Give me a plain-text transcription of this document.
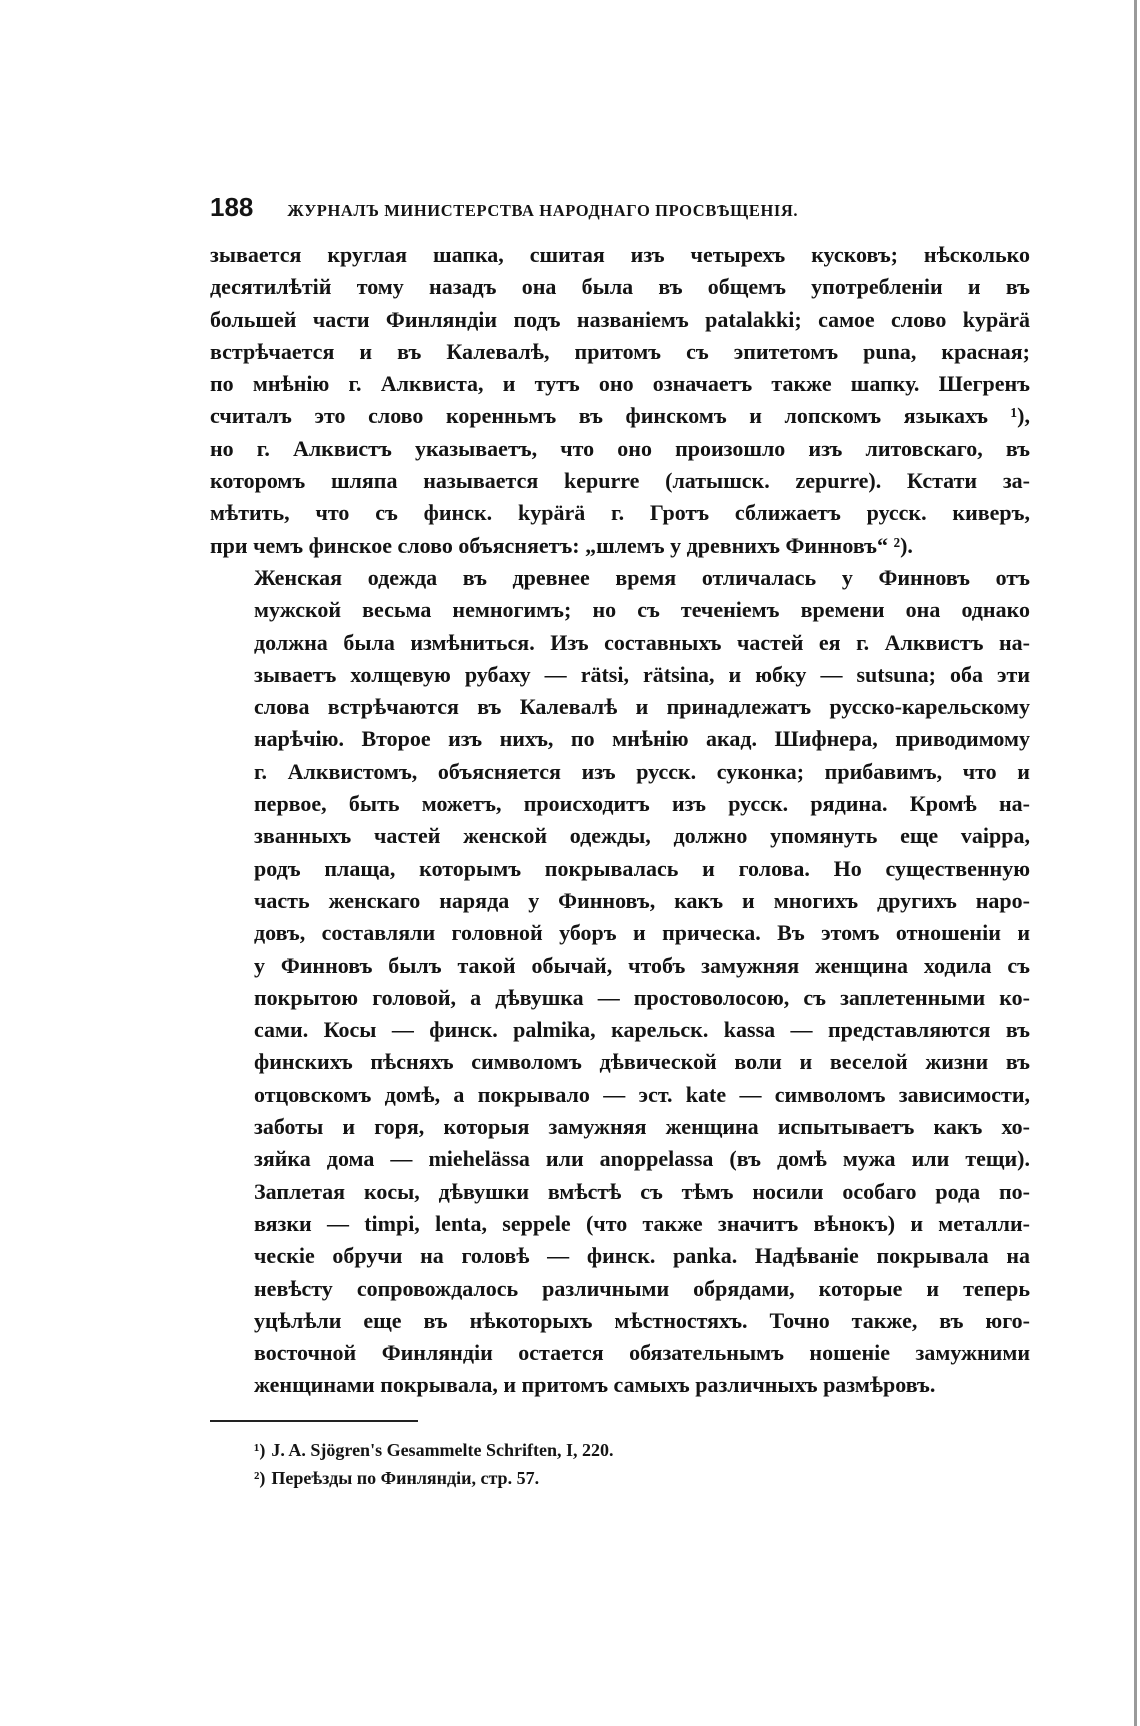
188 ЖУРНАЛЪ МИНИСТЕРСТВА НАРОДНАГО ПРОСВѢЩЕНІЯ.

зывается круглая шапка, сшитая изъ четырехъ кусковъ; нѣсколько
десятилѣтій тому назадъ она была въ общемъ употребленіи и въ
большей части Финляндіи подъ названіемъ patalakki; самое слово kypärä
встрѣчается и въ Калевалѣ, притомъ съ эпитетомъ puna, красная;
по мнѣнію г. Алквиста, и тутъ оно означаетъ также шапку. Шегренъ
считалъ это слово коренньмъ въ финскомъ и лопскомъ языкахъ ¹),
но г. Алквистъ указываетъ, что оно произошло изъ литовскаго, въ
которомъ шляпа называется kepurre (латышск. zepurre). Кстати за-
мѣтить, что съ финск. kypärä г. Гротъ сближаетъ русск. киверъ,
при чемъ финское слово объясняетъ: „шлемъ у древнихъ Финновъ“ ²).

Женская одежда въ древнее время отличалась у Финновъ отъ
мужской весьма немногимъ; но съ теченіемъ времени она однако
должна была измѣниться. Изъ составныхъ частей ея г. Алквистъ на-
зываетъ холщевую рубаху — rätsi, rätsina, и юбку — sutsuna; оба эти
слова встрѣчаются въ Калевалѣ и принадлежатъ русско-карельскому
нарѣчію. Второе изъ нихъ, по мнѣнію акад. Шифнера, приводимому
г. Алквистомъ, объясняется изъ русск. суконка; прибавимъ, что и
первое, быть можетъ, происходитъ изъ русск. рядина. Кромѣ на-
званныхъ частей женской одежды, должно упомянуть еще vaippa,
родъ плаща, которымъ покрывалась и голова. Но существенную
часть женскаго наряда у Финновъ, какъ и многихъ другихъ наро-
довъ, составляли головной уборъ и прическа. Въ этомъ отношеніи и
у Финновъ былъ такой обычай, чтобъ замужняя женщина ходила съ
покрытою головой, а дѣвушка — простоволосою, съ заплетенными ко-
сами. Косы — финск. palmika, карельск. kassa — представляются въ
финскихъ пѣсняхъ символомъ дѣвической воли и веселой жизни въ
отцовскомъ домѣ, а покрывало — эст. kate — символомъ зависимости,
заботы и горя, которыя замужняя женщина испытываетъ какъ хо-
зяйка дома — miehelässa или anoppelassa (въ домѣ мужа или тещи).
Заплетая косы, дѣвушки вмѣстѣ съ тѣмъ носили особаго рода по-
вязки — timpi, lenta, seppele (что также значитъ вѣнокъ) и металли-
ческіе обручи на головѣ — финск. panka. Надѣваніе покрывала на
невѣсту сопровождалось различными обрядами, которые и теперь
уцѣлѣли еще въ нѣкоторыхъ мѣстностяхъ. Точно также, въ юго-
восточной Финляндіи остается обязательнымъ ношеніе замужними
женщинами покрывала, и притомъ самыхъ различныхъ размѣровъ.

¹) J. A. Sjögren's Gesammelte Schriften, I, 220.
²) Переѣзды по Финляндіи, стр. 57.
